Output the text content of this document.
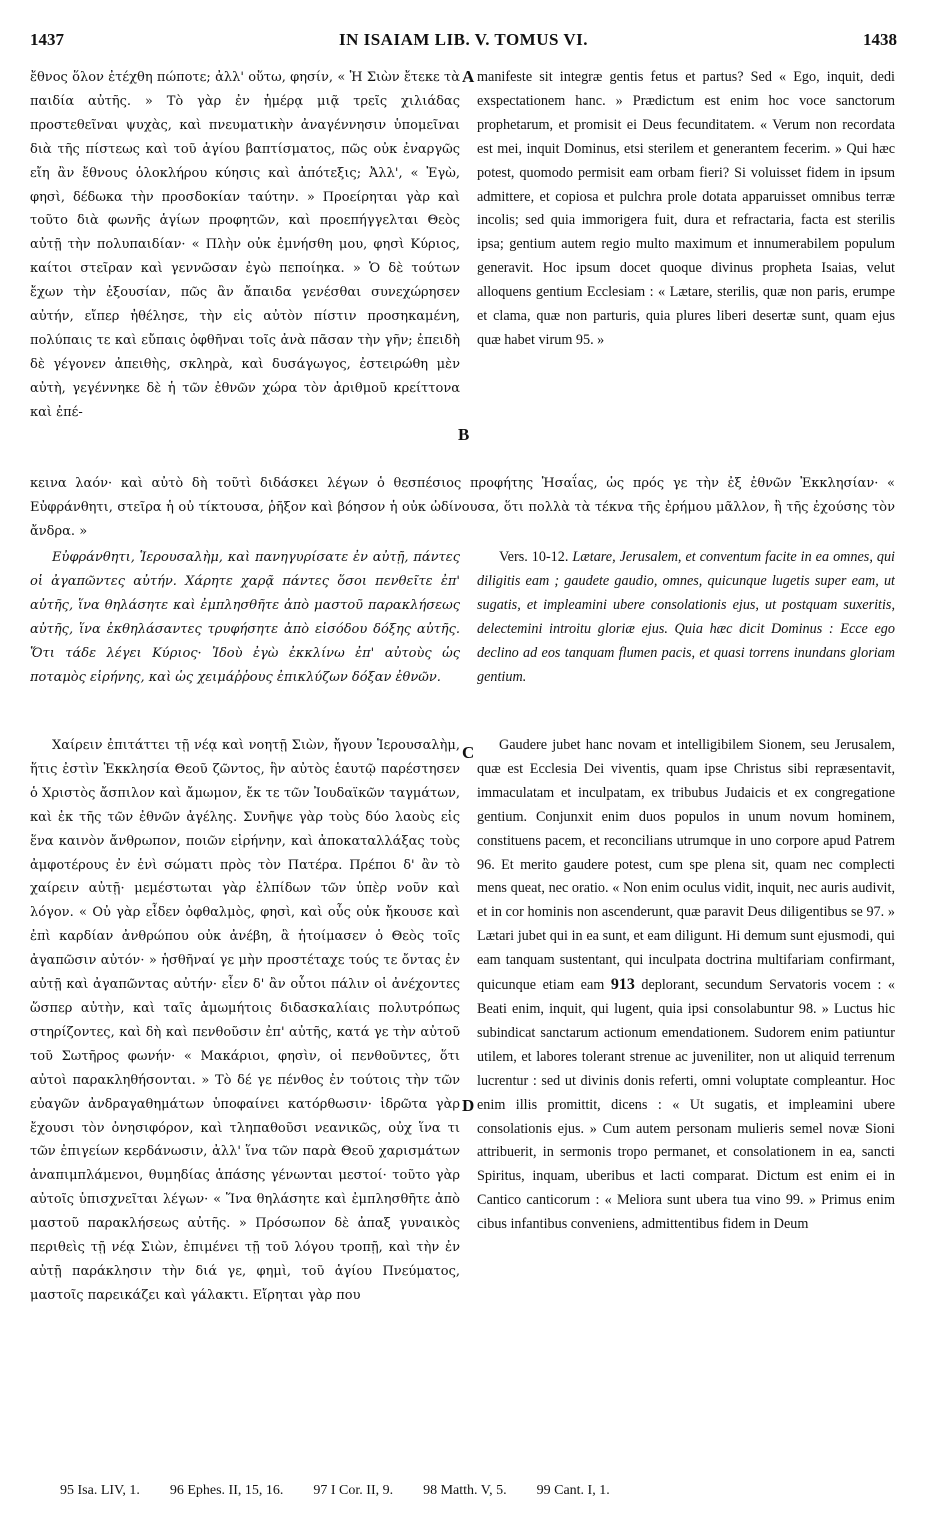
1437	IN ISAIAM LIB. V. TOMUS VI.	1438

ἔθνος ὅλον ἐτέχθη πώποτε; ἀλλ' οὕτω, φησίν, « Ἡ Σιὼν ἔτεκε τὰ παιδία αὐτῆς. » Τὸ γὰρ ἐν ἡμέρᾳ μιᾷ τρεῖς χιλιάδας προστεθεῖναι ψυχὰς, καὶ πνευματικὴν ἀναγέννησιν ὑπομεῖναι διὰ τῆς πίστεως καὶ τοῦ ἁγίου βαπτίσματος, πῶς οὐκ ἐναργῶς εἴη ἂν ἔθνους ὁλοκλήρου κύησις καὶ ἀπότεξις; Ἀλλ', « Ἐγὼ, φησὶ, δέδωκα τὴν προσδοκίαν ταύτην. » Προείρηται γὰρ καὶ τοῦτο διὰ φωνῆς ἁγίων προφητῶν, καὶ προεπήγγελται Θεὸς αὐτῇ τὴν πολυπαιδίαν· « Πλὴν οὐκ ἐμνήσθη μου, φησὶ Κύριος, καίτοι στεῖραν καὶ γεννῶσαν ἐγὼ πεποίηκα. » Ὁ δὲ τούτων ἔχων τὴν ἐξουσίαν, πῶς ἂν ἄπαιδα γενέσθαι συνεχώρησεν αὐτήν, εἴπερ ἠθέλησε, τὴν εἰς αὐτὸν πίστιν προσηκαμένη, πολύπαις τε καὶ εὔπαις ὀφθῆναι τοῖς ἀνὰ πᾶσαν τὴν γῆν; ἐπειδὴ δὲ γέγονεν ἀπειθὴς, σκληρὰ, καὶ δυσάγωγος, ἐστειρώθη μὲν αὐτὴ, γεγέννηκε δὲ ἡ τῶν ἐθνῶν χώρα τὸν ἀριθμοῦ κρείττονα καὶ ἐπέ-

A
B

manifeste sit integræ gentis fetus et partus? Sed « Ego, inquit, dedi exspectationem hanc. » Prædictum est enim hoc voce sanctorum prophetarum, et promisit ei Deus fecunditatem. « Verum non recordata est mei, inquit Dominus, etsi sterilem et generantem fecerim. » Qui hæc potest, quomodo permisit eam orbam fieri? Si voluisset fidem in ipsum admittere, et copiosa et pulchra prole dotata apparuisset omnibus terræ incolis; sed quia immorigera fuit, dura et refractaria, facta est sterilis ipsa; gentium autem regio multo maximum et innumerabilem populum generavit. Hoc ipsum docet quoque divinus propheta Isaias, velut alloquens gentium Ecclesiam : « Lætare, sterilis, quæ non paris, erumpe et clama, quæ non parturis, quia plures liberi desertæ sunt, quam ejus quæ habet virum 95. »

κεινα λαόν· καὶ αὐτὸ δὴ τοῦτὶ διδάσκει λέγων ὁ θεσπέσιος προφήτης Ἡσαΐας, ὡς πρός γε τὴν ἐξ ἐθνῶν Ἐκκλησίαν· « Εὐφράνθητι, στεῖρα ἡ οὐ τίκτουσα, ῥῆξον καὶ βόησον ἡ οὐκ ὠδίνουσα, ὅτι πολλὰ τὰ τέκνα τῆς ἐρήμου μᾶλλον, ἢ τῆς ἐχούσης τὸν ἄνδρα. »

Εὐφράνθητι, Ἱερουσαλὴμ, καὶ πανηγυρίσατε ἐν αὐτῇ, πάντες οἱ ἀγαπῶντες αὐτήν. Χάρητε χαρᾷ πάντες ὅσοι πενθεῖτε ἐπ' αὐτῆς, ἵνα θηλάσητε καὶ ἐμπλησθῆτε ἀπὸ μαστοῦ παρακλήσεως αὐτῆς, ἵνα ἐκθηλάσαντες τρυφήσητε ἀπὸ εἰσόδου δόξης αὐτῆς. Ὅτι τάδε λέγει Κύριος· Ἰδοὺ ἐγὼ ἐκκλίνω ἐπ' αὐτοὺς ὡς ποταμὸς εἰρήνης, καὶ ὡς χειμάῤῥους ἐπικλύζων δόξαν ἐθνῶν.

Vers. 10-12. Lætare, Jerusalem, et conventum facite in ea omnes, qui diligitis eam ; gaudete gaudio, omnes, quicunque lugetis super eam, ut sugatis, et impleamini ubere consolationis ejus, ut postquam suxeritis, delectemini introitu gloriæ ejus. Quia hæc dicit Dominus : Ecce ego declino ad eos tanquam flumen pacis, et quasi torrens inundans gloriam gentium.

C
D

Χαίρειν ἐπιτάττει τῇ νέᾳ καὶ νοητῇ Σιὼν, ἤγουν Ἱερουσαλὴμ, ἥτις ἐστὶν Ἐκκλησία Θεοῦ ζῶντος, ἣν αὐτὸς ἑαυτῷ παρέστησεν ὁ Χριστὸς ἄσπιλον καὶ ἄμωμον, ἔκ τε τῶν Ἰουδαϊκῶν ταγμάτων, καὶ ἐκ τῆς τῶν ἐθνῶν ἀγέλης. Συνῆψε γὰρ τοὺς δύο λαοὺς εἰς ἕνα καινὸν ἄνθρωπον, ποιῶν εἰρήνην, καὶ ἀποκαταλλάξας τοὺς ἀμφοτέρους ἐν ἑνὶ σώματι πρὸς τὸν Πατέρα. Πρέποι δ' ἂν τὸ χαίρειν αὐτῇ· μεμέστωται γὰρ ἐλπίδων τῶν ὑπὲρ νοῦν καὶ λόγον. « Οὐ γὰρ εἶδεν ὀφθαλμὸς, φησὶ, καὶ οὖς οὐκ ἤκουσε καὶ ἐπὶ καρδίαν ἀνθρώπου οὐκ ἀνέβη, ἃ ἡτοίμασεν ὁ Θεὸς τοῖς ἀγαπῶσιν αὐτόν· » ἡσθῆναί γε μὴν προστέταχε τούς τε ὄντας ἐν αὐτῇ καὶ ἀγαπῶντας αὐτήν· εἶεν δ' ἂν οὗτοι πάλιν οἱ ἀνέχοντες ὥσπερ αὐτὴν, καὶ ταῖς ἀμωμήτοις διδασκαλίαις πολυτρόπως στηρίζοντες, καὶ δὴ καὶ πενθοῦσιν ἐπ' αὐτῆς, κατά γε τὴν αὐτοῦ τοῦ Σωτῆρος φωνήν· « Μακάριοι, φησὶν, οἱ πενθοῦντες, ὅτι αὐτοὶ παρακληθήσονται. » Τὸ δέ γε πένθος ἐν τούτοις τὴν τῶν εὐαγῶν ἀνδραγαθημάτων ὑποφαίνει κατόρθωσιν· ἱδρῶτα γὰρ ἔχουσι τὸν ὀνησιφόρον, καὶ τληπαθοῦσι νεανικῶς, οὐχ ἵνα τι τῶν ἐπιγείων κερδάνωσιν, ἀλλ' ἵνα τῶν παρὰ Θεοῦ χαρισμάτων ἀναπιμπλάμενοι, θυμηδίας ἁπάσης γένωνται μεστοί· τοῦτο γὰρ αὐτοῖς ὑπισχνεῖται λέγων· « Ἵνα θηλάσητε καὶ ἐμπλησθῆτε ἀπὸ μαστοῦ παρακλήσεως αὐτῆς. » Πρόσωπον δὲ ἀπαξ γυναικὸς περιθεὶς τῇ νέᾳ Σιὼν, ἐπιμένει τῇ τοῦ λόγου τροπῇ, καὶ τὴν ἐν αὐτῇ παράκλησιν τὴν διά γε, φημὶ, τοῦ ἁγίου Πνεύματος, μαστοῖς παρεικάζει καὶ γάλακτι. Εἴρηται γὰρ που

Gaudere jubet hanc novam et intelligibilem Sionem, seu Jerusalem, quæ est Ecclesia Dei viventis, quam ipse Christus sibi repræsentavit, immaculatam et inculpatam, ex tribubus Judaicis et ex congregatione gentium. Conjunxit enim duos populos in unum novum hominem, constituens pacem, et reconcilians utrumque in uno corpore apud Patrem 96. Et merito gaudere potest, cum spe plena sit, quam nec complecti mens queat, nec oratio. « Non enim oculus vidit, inquit, nec auris audivit, et in cor hominis non ascenderunt, quæ paravit Deus diligentibus se 97. » Lætari jubet qui in ea sunt, et eam diligunt. Hi demum sunt ejusmodi, qui eam tanquam sustentant, qui inculpata doctrina multifariam confirmant, quicunque etiam eam 913 deplorant, secundum Servatoris vocem : « Beati enim, inquit, qui lugent, quia ipsi consolabuntur 98. » Luctus hic subindicat sanctarum actionum emendationem. Sudorem enim patiuntur utilem, et labores tolerant strenue ac juveniliter, non ut aliquid terrenum lucrentur : sed ut divinis donis referti, omni voluptate compleantur. Hoc enim illis promittit, dicens : « Ut sugatis, et impleamini ubere consolationis ejus. » Cum autem personam mulieris semel novæ Sioni attribuerit, in sermonis tropo permanet, et consolationem in ea, sancti Spiritus, inquam, uberibus et lacti comparat. Dictum est enim ei in Cantico canticorum : « Meliora sunt ubera tua vino 99. » Primus enim cibus infantibus conveniens, admittentibus fidem in Deum

95 Isa. LIV, 1. 96 Ephes. II, 15, 16. 97 I Cor. II, 9. 98 Matth. V, 5. 99 Cant. I, 1.
